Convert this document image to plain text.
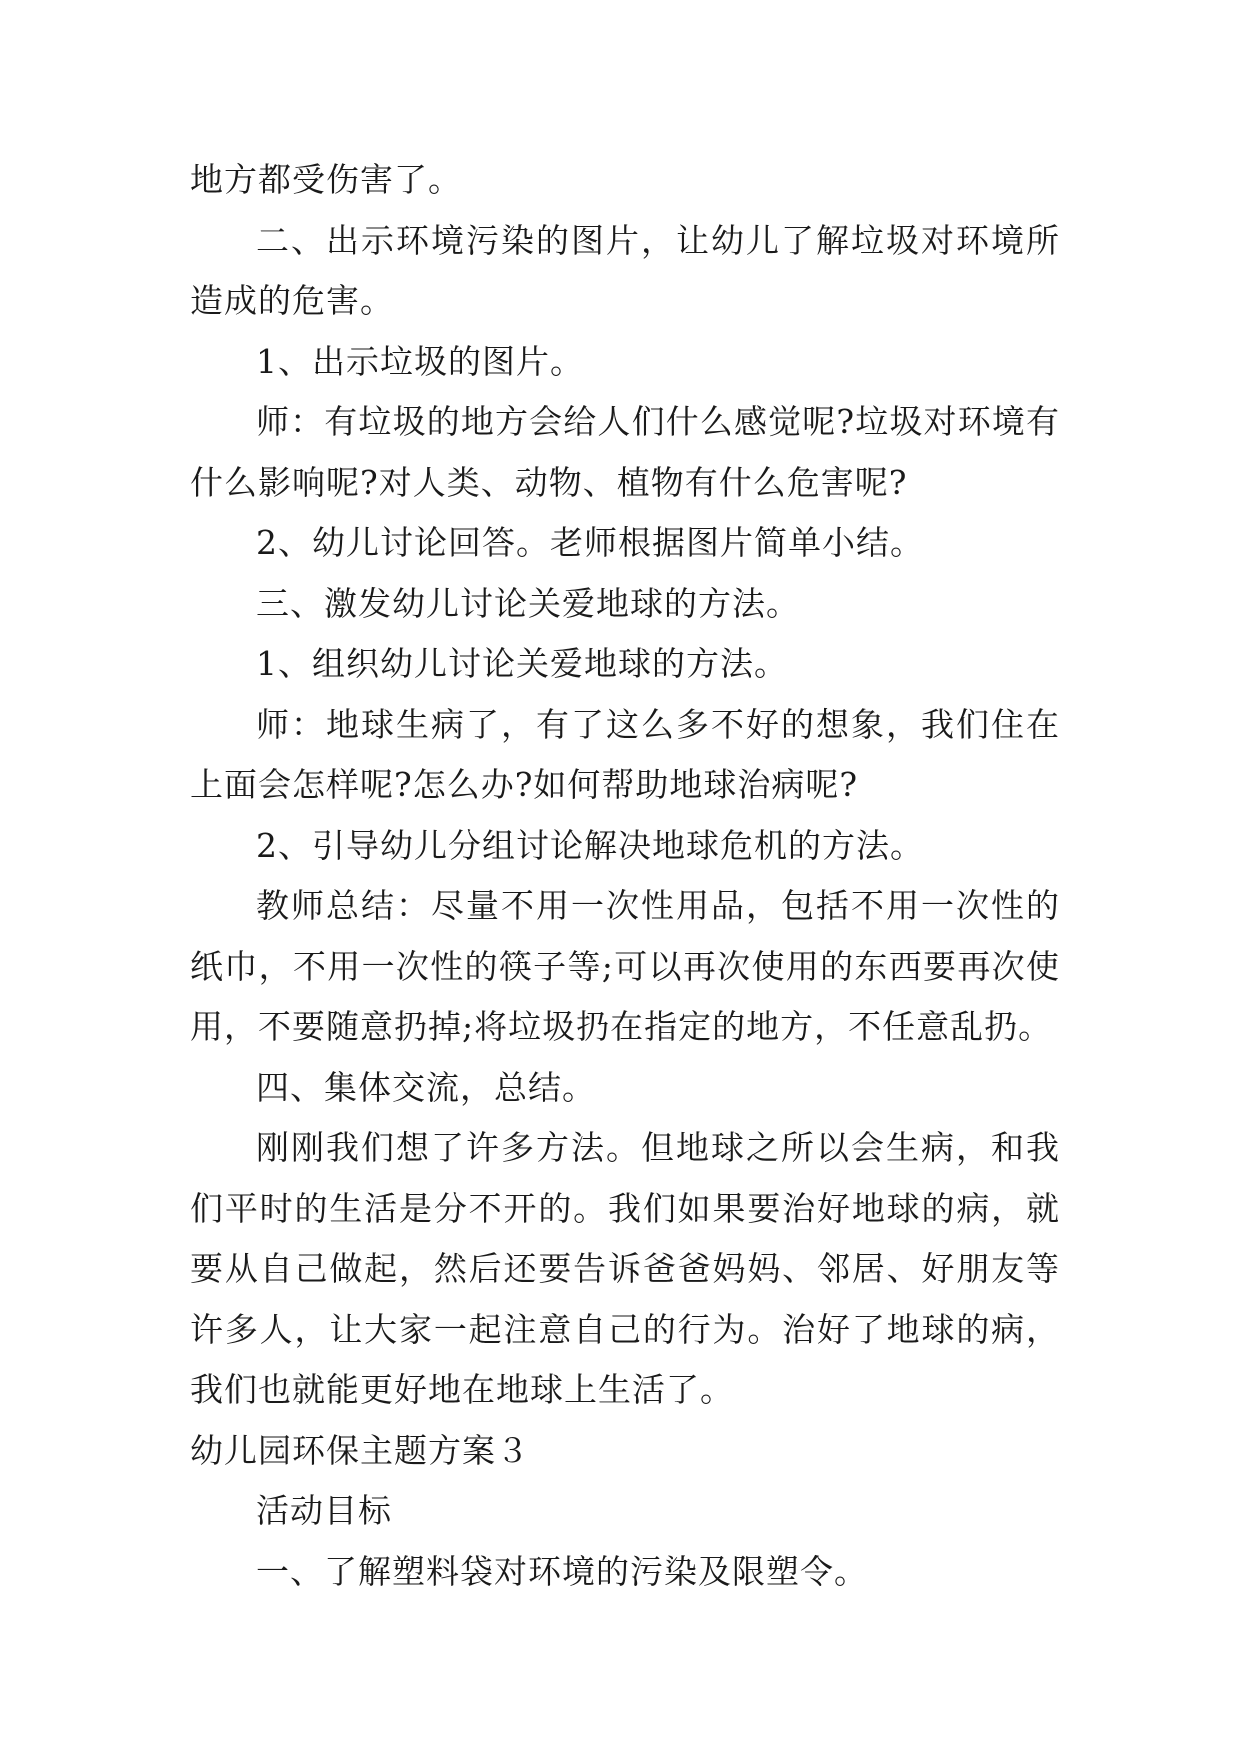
地方都受伤害了。

二、出示环境污染的图片，让幼儿了解垃圾对环境所造成的危害。

1、出示垃圾的图片。

师：有垃圾的地方会给人们什么感觉呢?垃圾对环境有什么影响呢?对人类、动物、植物有什么危害呢?

2、幼儿讨论回答。老师根据图片简单小结。

三、激发幼儿讨论关爱地球的方法。

1、组织幼儿讨论关爱地球的方法。

师：地球生病了，有了这么多不好的想象，我们住在上面会怎样呢?怎么办?如何帮助地球治病呢?

2、引导幼儿分组讨论解决地球危机的方法。

教师总结：尽量不用一次性用品，包括不用一次性的纸巾，不用一次性的筷子等;可以再次使用的东西要再次使用，不要随意扔掉;将垃圾扔在指定的地方，不任意乱扔。

四、集体交流，总结。

刚刚我们想了许多方法。但地球之所以会生病，和我们平时的生活是分不开的。我们如果要治好地球的病，就要从自己做起，然后还要告诉爸爸妈妈、邻居、好朋友等许多人，让大家一起注意自己的行为。治好了地球的病，我们也就能更好地在地球上生活了。

幼儿园环保主题方案３

活动目标

一、了解塑料袋对环境的污染及限塑令。
